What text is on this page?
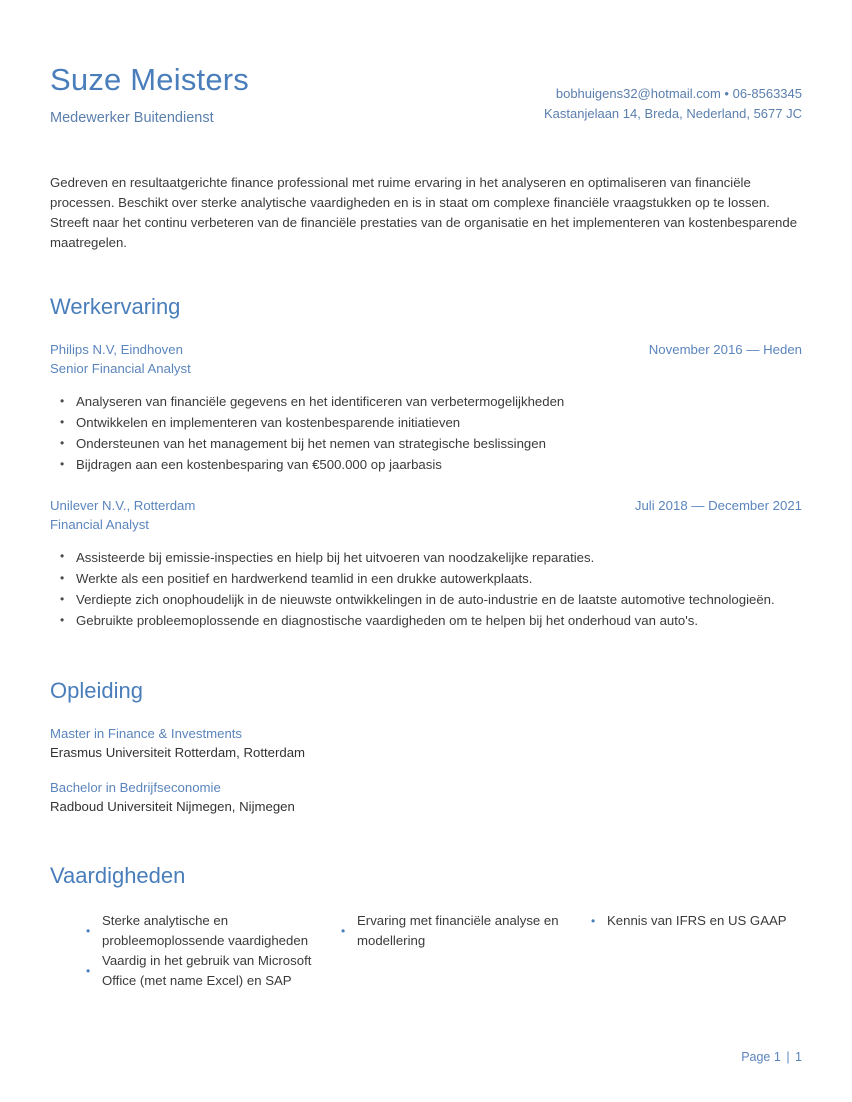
Suze Meisters
Medewerker Buitendienst
bobhuigens32@hotmail.com • 06-8563345
Kastanjelaan 14, Breda, Nederland, 5677 JC
Gedreven en resultaatgerichte finance professional met ruime ervaring in het analyseren en optimaliseren van financiële processen. Beschikt over sterke analytische vaardigheden en is in staat om complexe financiële vraagstukken op te lossen. Streeft naar het continu verbeteren van de financiële prestaties van de organisatie en het implementeren van kostenbesparende maatregelen.
Werkervaring
Philips N.V, Eindhoven	November 2016 — Heden
Senior Financial Analyst
• Analyseren van financiële gegevens en het identificeren van verbetermogelijkheden
• Ontwikkelen en implementeren van kostenbesparende initiatieven
• Ondersteunen van het management bij het nemen van strategische beslissingen
• Bijdragen aan een kostenbesparing van €500.000 op jaarbasis
Unilever N.V., Rotterdam	Juli 2018 — December 2021
Financial Analyst
• Assisteerde bij emissie-inspecties en hielp bij het uitvoeren van noodzakelijke reparaties.
• Werkte als een positief en hardwerkend teamlid in een drukke autowerkplaats.
• Verdiepte zich onophoudelijk in de nieuwste ontwikkelingen in de auto-industrie en de laatste automotive technologieën.
• Gebruikte probleemoplossende en diagnostische vaardigheden om te helpen bij het onderhoud van auto's.
Opleiding
Master in Finance & Investments
Erasmus Universiteit Rotterdam, Rotterdam
Bachelor in Bedrijfseconomie
Radboud Universiteit Nijmegen, Nijmegen
Vaardigheden
• Sterke analytische en probleemoplossende vaardigheden
• Vaardig in het gebruik van Microsoft Office (met name Excel) en SAP
• Ervaring met financiële analyse en modellering
• Kennis van IFRS en US GAAP
Page 1 | 1
